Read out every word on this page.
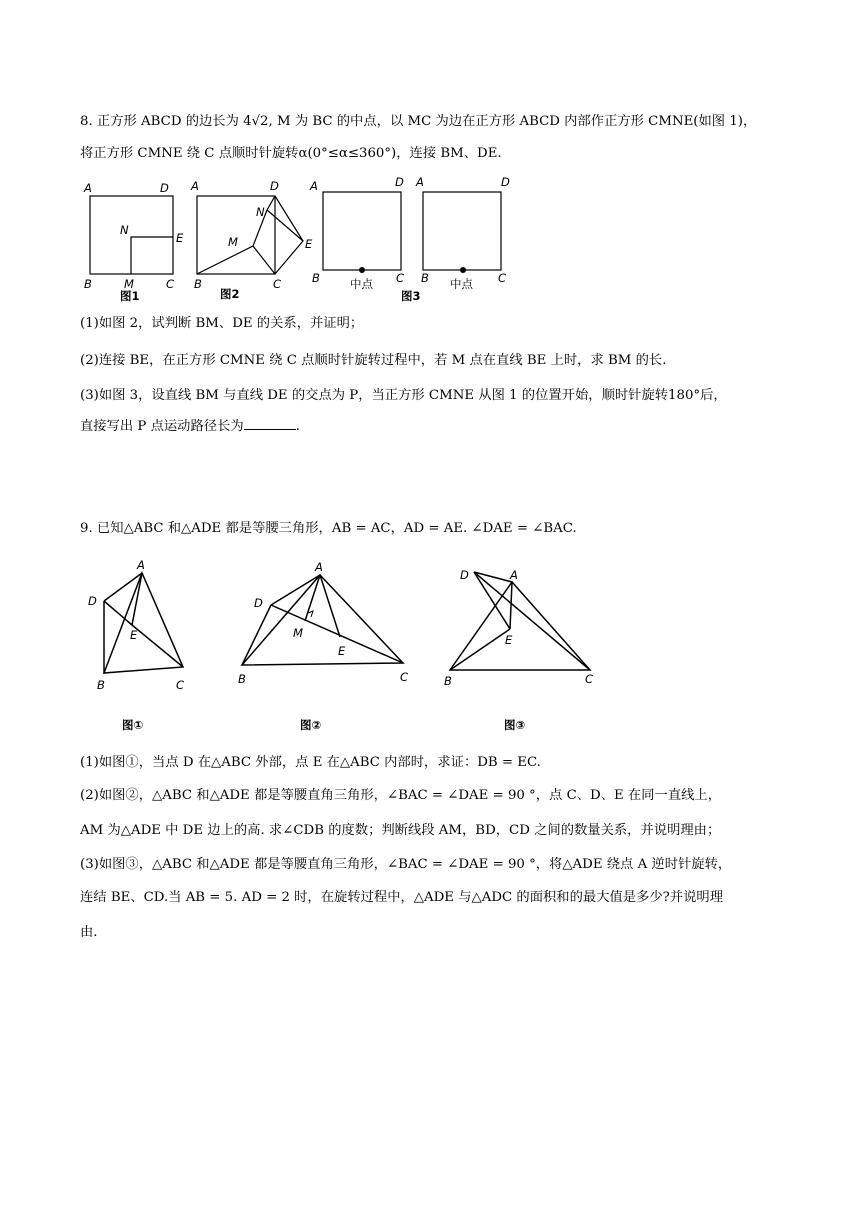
8. 正方形 ABCD 的边长为 4√2, M 为 BC 的中点，以 MC 为边在正方形 ABCD 内部作正方形 CMNE(如图 1)，

将正方形 CMNE 绕 C 点顺时针旋转α(0°≤α≤360°)，连接 BM、DE.

A	D
N
E
B	M	C
图1
A	D
N
M	E
B	C
图2
A	D
B	C
中点
图3
A	D
B	C
中点

(1)如图 2，试判断 BM、DE 的关系，并证明；

(2)连接 BE，在正方形 CMNE 绕 C 点顺时针旋转过程中，若 M 点在直线 BE 上时，求 BM 的长.

(3)如图 3，设直线 BM 与直线 DE 的交点为 P，当正方形 CMNE 从图 1 的位置开始，顺时针旋转180°后，

直接写出 P 点运动路径长为	.

9. 已知△ABC 和△ADE 都是等腰三角形，AB = AC，AD = AE. ∠DAE = ∠BAC.

A
D
E
B	C
图①
A
D
M
E
B	C
图②
D	A
E
B	C
图③

(1)如图①，当点 D 在△ABC 外部，点 E 在△ABC 内部时，求证：DB = EC.

(2)如图②，△ABC 和△ADE 都是等腰直角三角形，∠BAC = ∠DAE = 90 °，点 C、D、E 在同一直线上，

AM 为△ADE 中 DE 边上的高. 求∠CDB 的度数；判断线段 AM，BD，CD 之间的数量关系，并说明理由；

(3)如图③，△ABC 和△ADE 都是等腰直角三角形，∠BAC = ∠DAE = 90 °，将△ADE 绕点 A 逆时针旋转，

连结 BE、CD.当 AB = 5. AD = 2 时，在旋转过程中，△ADE 与△ADC 的面积和的最大值是多少?并说明理

由.
